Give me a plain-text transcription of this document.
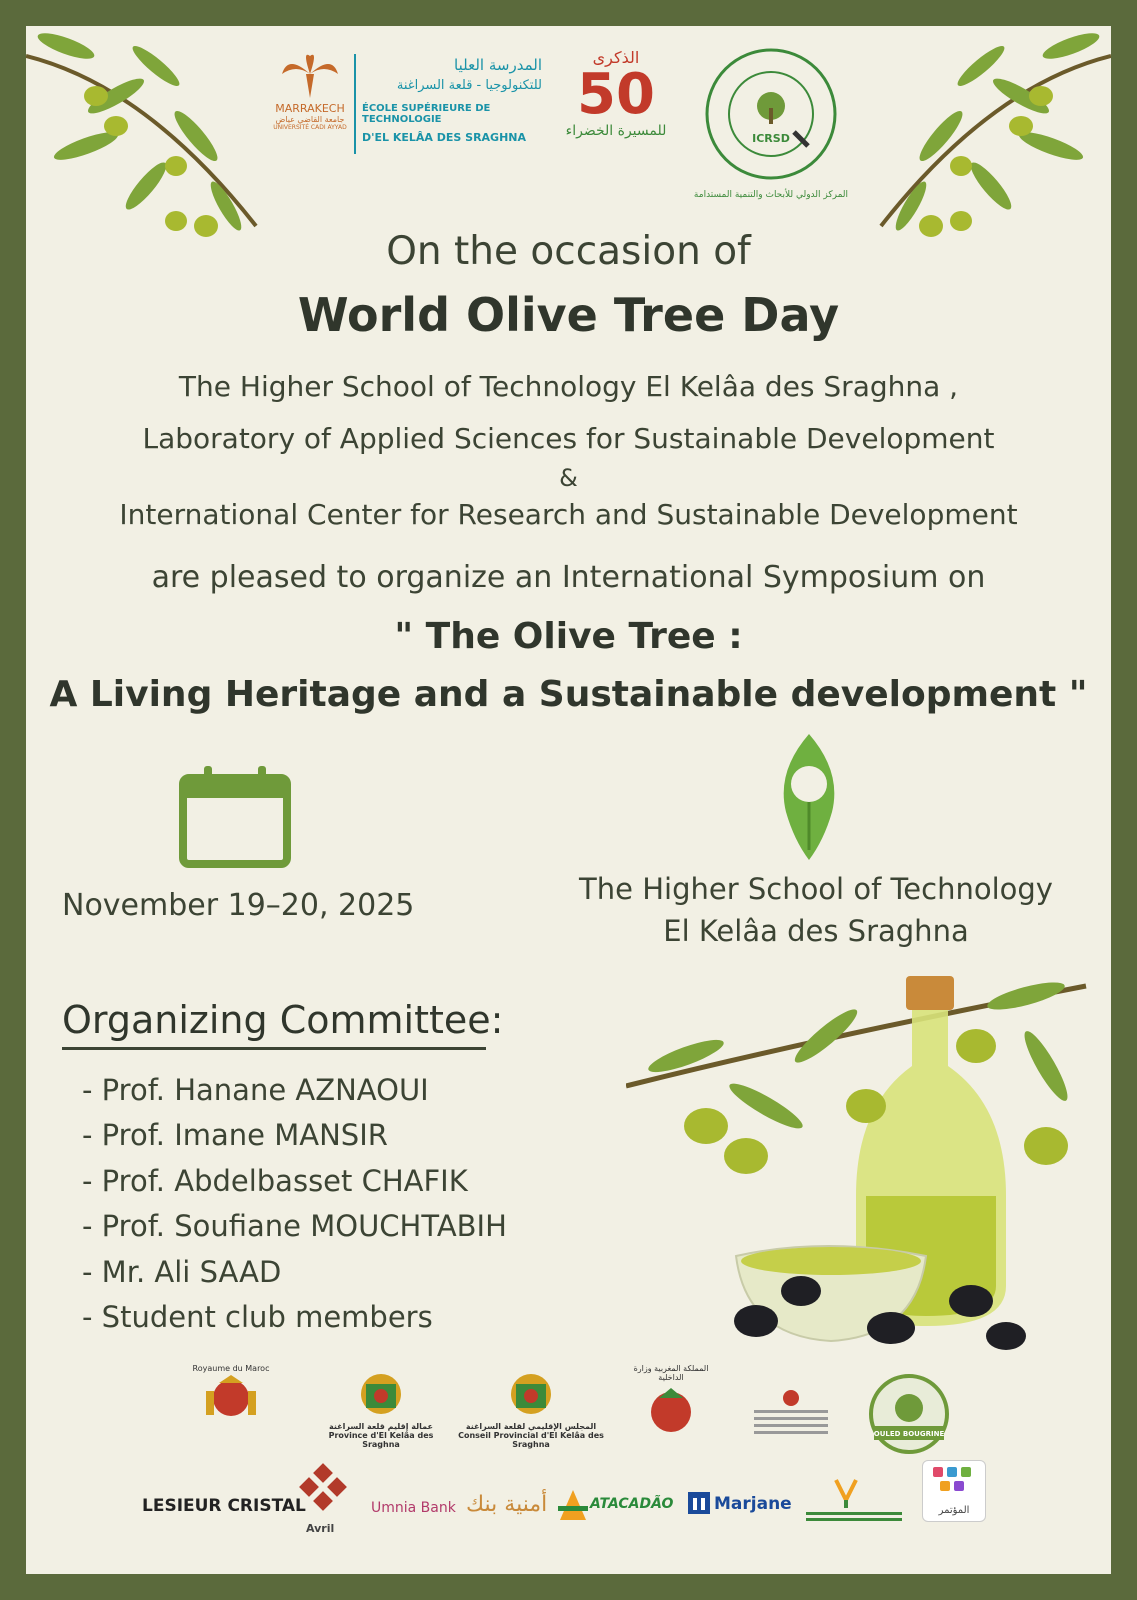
MARRAKECH
جامعة القاضي عياض
UNIVERSITÉ CADI AYYAD
المدرسة العليا
للتكنولوجيا - قلعة السراغنة
ÉCOLE SUPÉRIEURE DE TECHNOLOGIE
D'EL KELÂA DES SRAGHNA
الذكرى
50
للمسيرة الخضراء	ICRSD
المركز الدولي للأبحاث والتنمية المستدامة
On the occasion of
World Olive Tree Day
The Higher School of Technology El Kelâa des Sraghna ,
Laboratory of Applied Sciences for Sustainable Development
&
International Center for Research and Sustainable Development
are pleased to organize an International Symposium on
" The Olive Tree :
A Living Heritage and a Sustainable development "
November 19–20, 2025	The Higher School of Technology
El Kelâa des Sraghna
Organizing Committee:
- Prof. Hanane AZNAOUI
- Prof. Imane MANSIR
- Prof. Abdelbasset CHAFIK
- Prof. Soufiane MOUCHTABIH
- Mr. Ali SAAD
- Student club members
Royaume du Maroc
عمالة إقليم قلعة السراغنة
Province d'El Kelâa des Sraghna
المجلس الإقليمي لقلعة السراغنة
Conseil Provincial d'El Kelâa des Sraghna
المملكة المغربية وزارة الداخلية
OULED BOUGRINE
LESIEUR CRISTAL
Avril
Umnia Bank أمنية بنك	ATACADÃO Marjane	المؤتمر
